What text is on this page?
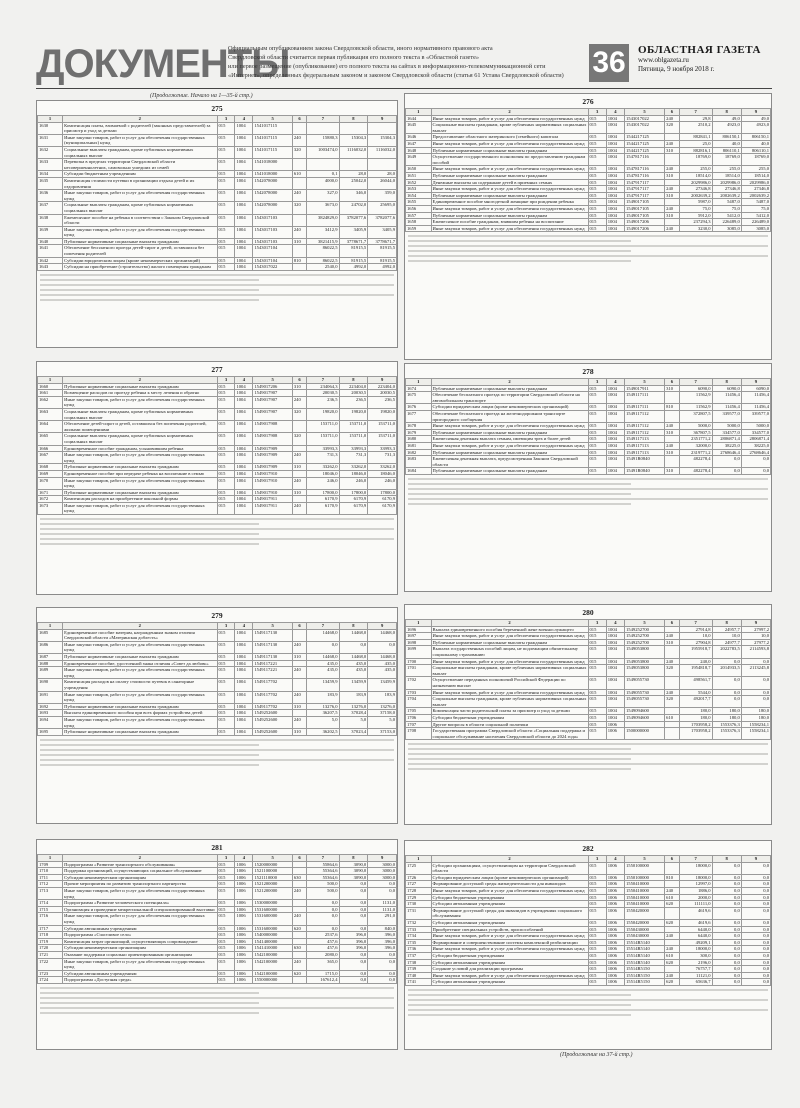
ДОКУМЕНТЫ
Официальным опубликованием закона Свердловской области, иного нормативного правового акта
Свердловской области считается первая публикация его полного текста в «Областной газете»
или первое размещение (опубликование) его полного текста на сайтах в информационно-телекоммуникационной сети
«Интернет», определенных федеральным законом и законом Свердловской области (статья 61 Устава Свердловской области) 36	ОБЛАСТНАЯ ГАЗЕТА
www.oblgazeta.ru
Пятница, 9 ноября 2018 г.
(Продолжение. Начало на 1—35-й стр.)
275
1	2	3	4	5	6	7	8	9
1630	Компенсация платы, взимаемой с родителей (законных представителей) за присмотр и уход за детьми	015	1004	1541017115				
1631	Иные закупки товаров, работ и услуг для обеспечения государственных (муниципальных) нужд	015	1004	1541017115	240	15880,3	15304,3	15304,3
1632	Социальные выплаты гражданам, кроме публичных нормативных социальных выплат	015	1004	1541017115	320	1003474,0	1116032,0	1116032,0
1633	Перевозка в пределах территории Свердловской области несовершеннолетних, самовольно ушедших из семей	015	1004	1541018000				
1634	Субсидии бюджетным учреждениям	015	1004	1541018000	610	0,1	28,0	28,0
1635	Компенсация стоимости путевки в организации отдыха детей и их оздоровления	015	1004	1542078000		4000,0	25042,0	26044,0
1636	Иные закупки товаров, работ и услуг для обеспечения государственных нужд	015	1004	1542078000	240	327,0	346,0	359,0
1637	Социальные выплаты гражданам, кроме публичных нормативных социальных выплат	015	1004	1542078000	320	3673,0	24702,0	25695,0
1638	Ежемесячное пособие на ребенка в соответствии с Законом Свердловской области	015	1004	1543017103		3824829,0	3782077,6	3782077,6
1639	Иные закупки товаров, работ и услуг для обеспечения государственных нужд	015	1004	1543017103	240	3412,9	3405,9	3405,9
1640	Публичные нормативные социальные выплаты гражданам	015	1004	1543017103	310	3821415,9	3778671,7	3778671,7
1641	Обеспечение бесплатного проезда детей-сирот и детей, оставшихся без попечения родителей	015	1004	1543017104		86022,5	81915,5	81915,5
1642	Субсидии юридическим лицам (кроме некоммерческих организаций)	015	1004	1543017104	810	86022,5	81915,5	81915,5
1643	Субсидии на приобретение (строительство) жилого помещения гражданам	015	1004	1543017022		2540,0	4992,0	4992,0
276
1	2	3	4	5	6	7	8	9
1644	Иные закупки товаров, работ и услуг для обеспечения государственных нужд	015	1004	1543017022	240	29,8	49,0	49,0
1645	Социальные выплаты гражданам, кроме публичных нормативных социальных выплат	015	1004	1543017022	320	2510,2	4923,0	4923,0
1646	Предоставление областного материнского (семейного) капитала	015	1004	1544217125		882841,1	806150,1	806150,1
1647	Иные закупки товаров, работ и услуг для обеспечения государственных нужд	015	1004	1544217125	240	25,0	40,0	40,0
1648	Публичные нормативные социальные выплаты гражданам	015	1004	1544217125	310	882816,1	806110,1	806110,1
1649	Осуществление государственного полномочия по предоставлению гражданам пособий	015	1004	1547817116		18769,0	18769,0	18769,0
1650	Иные закупки товаров, работ и услуг для обеспечения государственных нужд	015	1004	1547817116	240	255,0	255,0	255,0
1651	Публичные нормативные социальные выплаты гражданам	015	1004	1547817116	310	18514,0	18514,0	18514,0
1652	Денежные выплаты на содержание детей в приемных семьях	015	1004	1547917117		2029986,0	2029986,0	2029986,0
1653	Иные закупки товаров, работ и услуг для обеспечения государственных нужд	015	1004	1547917117	240	27346,8	27346,8	27346,8
1654	Публичные нормативные социальные выплаты гражданам	015	1004	1547917117	310	2002639,2	2002639,2	2002639,2
1655	Единовременное пособие многодетной женщине при рождении ребенка	015	1004	1549017105		5987,0	5487,0	5487,0
1656	Иные закупки товаров, работ и услуг для обеспечения государственных нужд	015	1004	1549017105	240	75,0	75,0	75,0
1657	Публичные нормативные социальные выплаты гражданам	015	1004	1549017105	310	5912,0	5412,0	5412,0
1658	Ежемесячное пособие гражданам, взявшим ребенка на воспитание	015	1004	1549017206		237294,3	226489,0	226489,0
1659	Иные закупки товаров, работ и услуг для обеспечения государственных нужд	015	1004	1549017206	240	3230,0	3085,0	3085,0
277
1	2	3	4	5	6	7	8	9
1660	Публичные нормативные социальные выплаты гражданам	015	1004	1549017206	310	234064,3	223404,0	223404,0
1661	Возмещение расходов по проезду ребенка к месту лечения и обратно	015	1004	1549017907		20030,5	20030,5	20030,5
1662	Иные закупки товаров, работ и услуг для обеспечения государственных нужд	015	1004	1549017907	240	236,5	236,5	236,5
1663	Социальные выплаты гражданам, кроме публичных нормативных социальных выплат	015	1004	1549017907	320	19820,0	19820,0	19820,0
1664	Обеспечение детей-сирот и детей, оставшихся без попечения родителей, жилыми помещениями	015	1004	1549017908		153711,0	153711,0	153711,0
1665	Социальные выплаты гражданам, кроме публичных нормативных социальных выплат	015	1004	1549017908	320	153711,0	153711,0	153711,0
1666	Единовременное пособие гражданам, усыновившим ребенка	015	1004	1549017909		33993,3	33993,3	33993,3
1667	Иные закупки товаров, работ и услуг для обеспечения государственных нужд	015	1004	1549017909	240	731,3	731,3	731,3
1668	Публичные нормативные социальные выплаты гражданам	015	1004	1549017909	310	33262,0	33262,0	33262,0
1669	Единовременное пособие при передаче ребенка на воспитание в семью	015	1004	1549017910		18046,0	18046,0	18046,0
1670	Иные закупки товаров, работ и услуг для обеспечения государственных нужд	015	1004	1549017910	240	246,0	246,0	246,0
1671	Публичные нормативные социальные выплаты гражданам	015	1004	1549017910	310	17800,0	17800,0	17800,0
1672	Компенсация расходов на приобретение школьной формы	015	1004	1549017911		6170,9	6170,9	6170,9
1673	Иные закупки товаров, работ и услуг для обеспечения государственных нужд	015	1004	1549017911	240	6170,9	6170,9	6170,9
278
1	2	3	4	5	6	7	8	9
1674	Публичные нормативные социальные выплаты гражданам	015	1004	1549017911	310	6090,0	6090,0	6090,0
1675	Обеспечение бесплатного проезда по территории Свердловской области на автомобильном транспорте	015	1004	1549117111		11562,9	11456,4	11456,4
1676	Субсидии юридическим лицам (кроме некоммерческих организаций)	015	1004	1549117111	810	11562,9	11456,4	11456,4
1677	Обеспечение бесплатного проезда на железнодорожном транспорте пригородного сообщения	015	1004	1549117112		372807,5	339577,0	339577,0
1678	Иные закупки товаров, работ и услуг для обеспечения государственных нужд	015	1004	1549117112	240	5000,0	5000,0	5000,0
1679	Публичные нормативные социальные выплаты гражданам	015	1004	1549117112	310	367807,5	334577,0	334577,0
1680	Ежемесячная денежная выплата семьям, имеющим трех и более детей	015	1004	1549117113		2351771,2	2806871,4	2806871,4
1681	Иные закупки товаров, работ и услуг для обеспечения государственных нужд	015	1004	1549117113	240	32000,0	38225,0	38225,0
1682	Публичные нормативные социальные выплаты гражданам	015	1004	1549117113	310	2319771,2	2768646,4	2768646,4
1683	Ежемесячная денежная выплата, предусмотренная Законом Свердловской области	015	1004	15491R0840		482278,4	0,0	0,0
1684	Публичные нормативные социальные выплаты гражданам	015	1004	15491R0840	310	482278,4	0,0	0,0
279
1	2	3	4	5	6	7	8	9
1685	Единовременное пособие матерям, награжденным знаком отличия Свердловской области «Материнская доблесть»	015	1004	1549117130		14468,0	14468,0	14468,0
1686	Иные закупки товаров, работ и услуг для обеспечения государственных нужд	015	1004	1549117130	240	0,0	0,0	0,0
1687	Публичные нормативные социальные выплаты гражданам	015	1004	1549117130	310	14468,0	14468,0	14468,0
1688	Единовременное пособие, удостоенной знака отличия «Совет да любовь»	015	1004	1549117221		435,0	435,0	435,0
1689	Иные закупки товаров, работ и услуг для обеспечения государственных нужд	015	1004	1549117221	240	435,0	435,0	435,0
1690	Компенсация расходов на оплату стоимости путевок в санаторные учреждения	015	1004	1549117702		13459,9	13459,9	13459,9
1691	Иные закупки товаров, работ и услуг для обеспечения государственных нужд	015	1004	1549117702	240	183,9	183,9	183,9
1692	Публичные нормативные социальные выплаты гражданам	015	1004	1549117702	310	13276,0	13276,0	13276,0
1693	Выплата единовременного пособия при всех формах устройства детей	015	1004	1549252600		36207,5	37028,4	37158,0
1694	Иные закупки товаров, работ и услуг для обеспечения государственных нужд	015	1004	1549252600	240	5,0	5,0	5,0
1695	Публичные нормативные социальные выплаты гражданам	015	1004	1549252600	310	36202,5	37023,4	37153,0
280
1	2	3	4	5	6	7	8	9
1696	Выплата единовременного пособия беременной жене военнослужащего	015	1004	1549252700		27914,8	24957,7	27997,2
1697	Иные закупки товаров, работ и услуг для обеспечения государственных нужд	015	1004	1549252700	240	10,0	10,0	10,0
1698	Публичные нормативные социальные выплаты гражданам	015	1004	1549252700	310	27904,8	24977,7	27977,2
1699	Выплата государственных пособий лицам, не подлежащим обязательному социальному страхованию	015	1004	1549053800		1955918,7	2022783,5	2114593,8
1700	Иные закупки товаров, работ и услуг для обеспечения государственных нужд	015	1004	1549053800	240	240,0	0,0	0,0
1701	Социальные выплаты гражданам, кроме публичных нормативных социальных выплат	015	1004	1549053800	320	1954818,7	2014933,5	2113245,8
1702	Осуществление переданных полномочий Российской Федерации по назначению выплат	015	1004	1549055730		498561,7	0,0	0,0
1703	Иные закупки товаров, работ и услуг для обеспечения государственных нужд	015	1004	1549055730	240	5544,0	0,0	0,0
1704	Социальные выплаты гражданам, кроме публичных нормативных социальных выплат	015	1004	1549055730	320	492017,7	0,0	0,0
1705	Компенсация части родительской платы за присмотр и уход за детьми	015	1004	1549094600		180,0	180,0	180,0
1706	Субсидии бюджетным учреждениям	015	1004	1549094600	610	180,0	180,0	180,0
1707	Другие вопросы в области социальной политики	015	1006			1703958,2	1553376,3	1558234,1
1708	Государственная программа Свердловской области «Социальная поддержка и социальное обслуживание населения Свердловской области до 2024 года»	015	1006	1500000000		1703958,2	1553376,3	1558234,1
281
1	2	3	4	5	6	7	8	9
1709	Подпрограмма «Развитие транспортного обслуживания»	015	1006	1520000000		55864,6	3090,0	3000,0
1710	Поддержка организаций, осуществляющих социальное обслуживание	015	1006	1521100000		55364,6	3090,0	3000,0
1711	Субсидии некоммерческим организациям	015	1006	1521110000	630	55364,6	3090,0	3000,0
1712	Прочие мероприятия по развитию транспортного партнерства	015	1006	1521200000		500,0	0,0	0,0
1713	Иные закупки товаров, работ и услуг для обеспечения государственных нужд	015	1006	1521200000	240	500,0	0,0	0,0
1714	Подпрограмма «Развитие человеческого потенциала»	015	1006	1530000000		0,0	0,0	1131,0
1715	Организация и проведение межрегиональной специализированной выставки	015	1006	1531600000		0,0	0,0	1131,0
1716	Иные закупки товаров, работ и услуг для обеспечения государственных нужд	015	1006	1531600000	240	0,0	0,0	291,0
1717	Субсидии автономным учреждениям	015	1006	1531600000	620	0,0	0,0	840,0
1718	Подпрограмма «Счастливое село»	015	1006	1540000000		2537,6	396,0	396,0
1719	Компенсация затрат организаций, осуществляющих сопровождение	015	1006	1541400000		457,6	396,0	396,0
1720	Субсидии некоммерческим организациям	015	1006	1541410000	630	457,6	396,0	396,0
1721	Оказание поддержки социально ориентированным организациям	015	1006	1542100000		2080,0	0,0	0,0
1722	Иные закупки товаров, работ и услуг для обеспечения государственных нужд	015	1006	1542100000	240	365,0	0,0	0,0
1723	Субсидии автономным учреждениям	015	1006	1542100000	620	1715,0	0,0	0,0
1724	Подпрограмма «Доступная среда»	015	1006	1550000000		167612,4	0,0	0,0
282
1	2	3	4	5	6	7	8	9
1725	Субсидии организациям, осуществляющим на территории Свердловской области	015	1006	1550100000		18000,0	0,0	0,0
1726	Субсидии юридическим лицам (кроме некоммерческих организаций)	015	1006	1550100000	810	18000,0	0,0	0,0
1727	Формирование доступной среды жизнедеятельности для инвалидов	015	1006	1550410000		12997,0	0,0	0,0
1728	Иные закупки товаров, работ и услуг для обеспечения государственных нужд	015	1006	1550410000	240	1886,0	0,0	0,0
1729	Субсидии бюджетным учреждениям	015	1006	1550410000	610	2000,0	0,0	0,0
1730	Субсидии автономным учреждениям	015	1006	1550410000	620	111111,0	0,0	0,0
1731	Формирование доступной среды для инвалидов в учреждениях социального обслуживания	015	1006	1550420000		4619,6	0,0	0,0
1732	Субсидии автономным учреждениям	015	1006	1550420000	620	4619,6	0,0	0,0
1733	Приобретение специальных устройств, приспособлений	015	1006	1550430000		6440,0	0,0	0,0
1734	Иные закупки товаров, работ и услуг для обеспечения государственных нужд	015	1006	1550430000	240	6440,0	0,0	0,0
1735	Формирование и совершенствование системы комплексной реабилитации	015	1006	15514R5140		49209,1	0,0	0,0
1736	Иные закупки товаров, работ и услуг для обеспечения государственных нужд	015	1006	15514R5140	240	18000,0	0,0	0,0
1737	Субсидии бюджетным учреждениям	015	1006	15514R5140	610	300,0	0,0	0,0
1738	Субсидии автономным учреждениям	015	1006	15514R5140	620	2196,0	0,0	0,0
1739	Создание условий для реализации программы	015	1006	15514R5150		76757,7	0,0	0,0
1740	Иные закупки товаров, работ и услуг для обеспечения государственных нужд	015	1006	15514R5150	240	11121,0	0,0	0,0
1741	Субсидии автономным учреждениям	015	1006	15514R5150	620	65636,7	0,0	0,0
(Продолжение на 37-й стр.)
